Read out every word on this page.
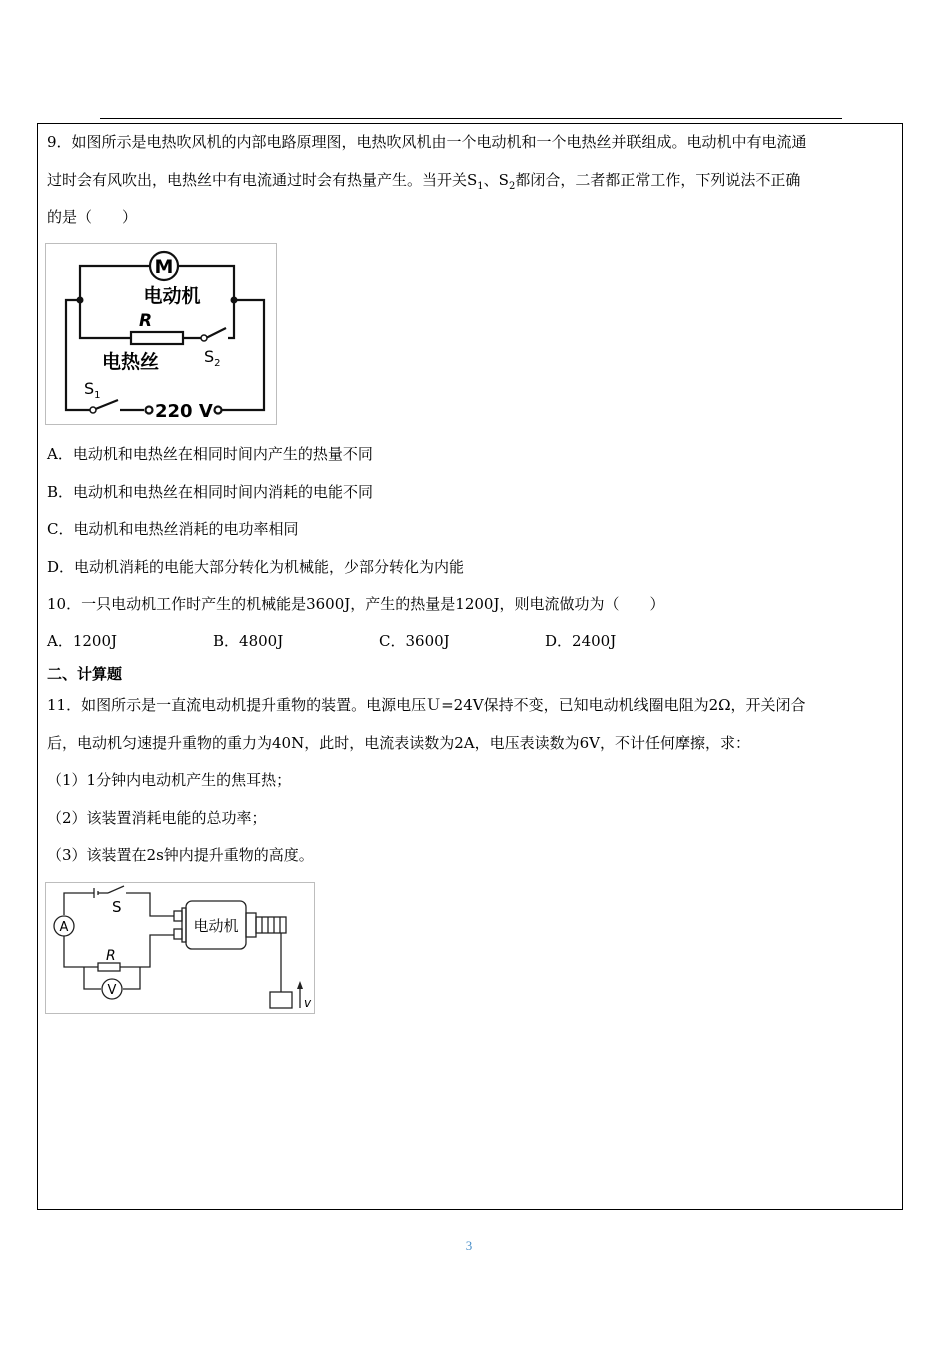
9．如图所示是电热吹风机的内部电路原理图，电热吹风机由一个电动机和一个电热丝并联组成。电动机中有电流通
过时会有风吹出，电热丝中有电流通过时会有热量产生。当开关$S_1$、$S_2$都闭合，二者都正常工作，下列说法不正确
的是（　　）
M
电动机
R
电热丝	$S_2$
$S_1$
220 V
A．电动机和电热丝在相同时间内产生的热量不同
B．电动机和电热丝在相同时间内消耗的电能不同
C．电动机和电热丝消耗的电功率相同
D．电动机消耗的电能大部分转化为机械能，少部分转化为内能
10．一只电动机工作时产生的机械能是3600J，产生的热量是1200J，则电流做功为（　　）
A．1200J	B．4800J	C．3600J	D．2400J
二、计算题
11．如图所示是一直流电动机提升重物的装置。电源电压Ｕ=24V保持不变，已知电动机线圈电阻为2Ω，开关闭合
后，电动机匀速提升重物的重力为40N，此时，电流表读数为2A，电压表读数为6V，不计任何摩擦，求：
（1）1分钟内电动机产生的焦耳热；
（2）该装置消耗电能的总功率；
（3）该装置在2s钟内提升重物的高度。
S
A
R
V
电动机
v
3
